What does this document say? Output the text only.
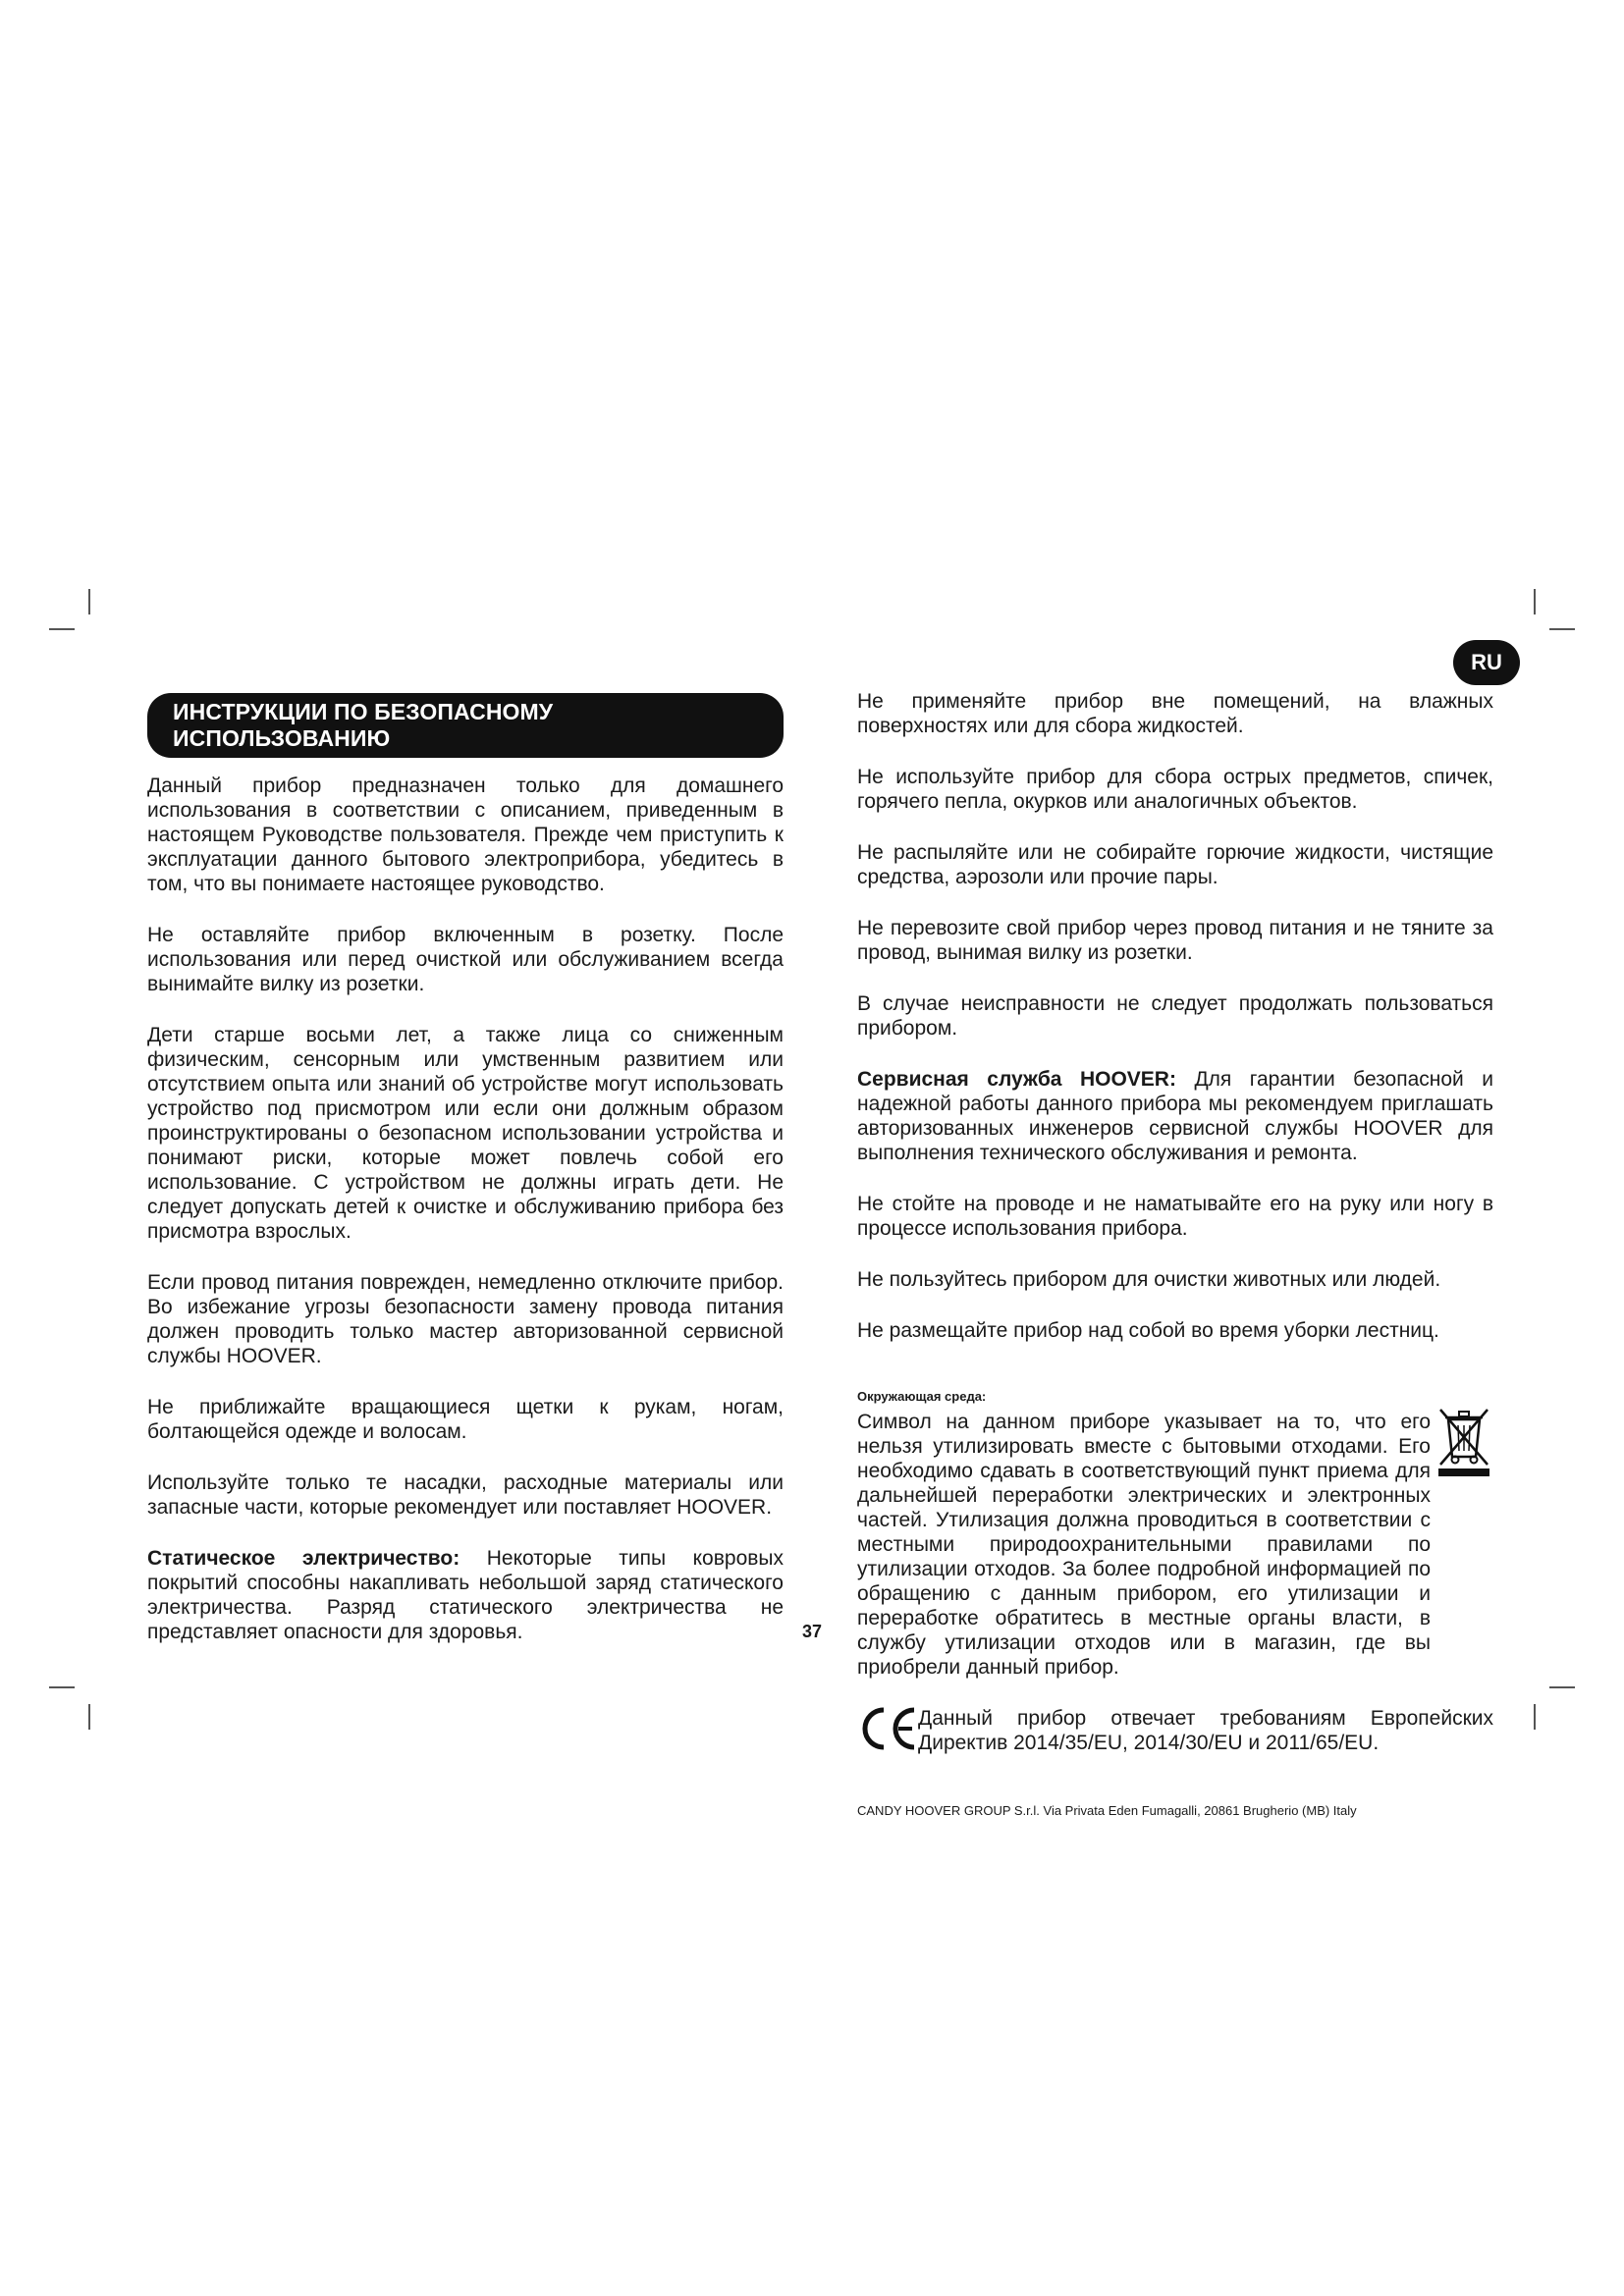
RU
ИНСТРУКЦИИ ПО БЕЗОПАСНОМУ ИСПОЛЬЗОВАНИЮ

Данный прибор предназначен только для домашнего использования в соответствии с описанием, приведенным в настоящем Руководстве пользователя. Прежде чем приступить к эксплуатации данного бытового электроприбора, убедитесь в том, что вы понимаете настоящее руководство.

Не оставляйте прибор включенным в розетку. После использования или перед очисткой или обслуживанием всегда вынимайте вилку из розетки.

Дети старше восьми лет, а также лица со сниженным физическим, сенсорным или умственным развитием или отсутствием опыта или знаний об устройстве могут использовать устройство под присмотром или если они должным образом проинструктированы о безопасном использовании устройства и понимают риски, которые может повлечь собой его использование. С устройством не должны играть дети. Не следует допускать детей к очистке и обслуживанию прибора без присмотра взрослых.

Если провод питания поврежден, немедленно отключите прибор. Во избежание угрозы безопасности замену провода питания должен проводить только мастер авторизованной сервисной службы HOOVER.

Не приближайте вращающиеся щетки к рукам, ногам, болтающейся одежде и волосам.

Используйте только те насадки, расходные материалы или запасные части, которые рекомендует или поставляет HOOVER.

Статическое электричество: Некоторые типы ковровых покрытий способны накапливать небольшой заряд статического электричества. Разряд статического электричества не представляет опасности для здоровья.

Не применяйте прибор вне помещений, на влажных поверхностях или для сбора жидкостей.

Не используйте прибор для сбора острых предметов, спичек, горячего пепла, окурков или аналогичных объектов.

Не распыляйте или не собирайте горючие жидкости, чистящие средства, аэрозоли или прочие пары.

Не перевозите свой прибор через провод питания и не тяните за провод, вынимая вилку из розетки.

В случае неисправности не следует продолжать пользоваться прибором.

Сервисная служба HOOVER: Для гарантии безопасной и надежной работы данного прибора мы рекомендуем приглашать авторизованных инженеров сервисной службы HOOVER для выполнения технического обслуживания и ремонта.

Не стойте на проводе и не наматывайте его на руку или ногу в процессе использования прибора.

Не пользуйтесь прибором для очистки животных или людей.

Не размещайте прибор над собой во время уборки лестниц.

Окружающая среда:

Символ на данном приборе указывает на то, что его нельзя утилизировать вместе с бытовыми отходами. Его необходимо сдавать в соответствующий пункт приема для дальнейшей переработки электрических и электронных частей. Утилизация должна проводиться в соответствии с местными природоохранительными правилами по утилизации отходов. За более подробной информацией по обращению с данным прибором, его утилизации и переработке обратитесь в местные органы власти, в службу утилизации отходов или в магазин, где вы приобрели данный прибор.

Данный прибор отвечает требованиям Европейских Директив 2014/35/EU, 2014/30/EU и 2011/65/EU.

CANDY HOOVER GROUP S.r.l. Via Privata Eden Fumagalli, 20861 Brugherio (MB) Italy
37
